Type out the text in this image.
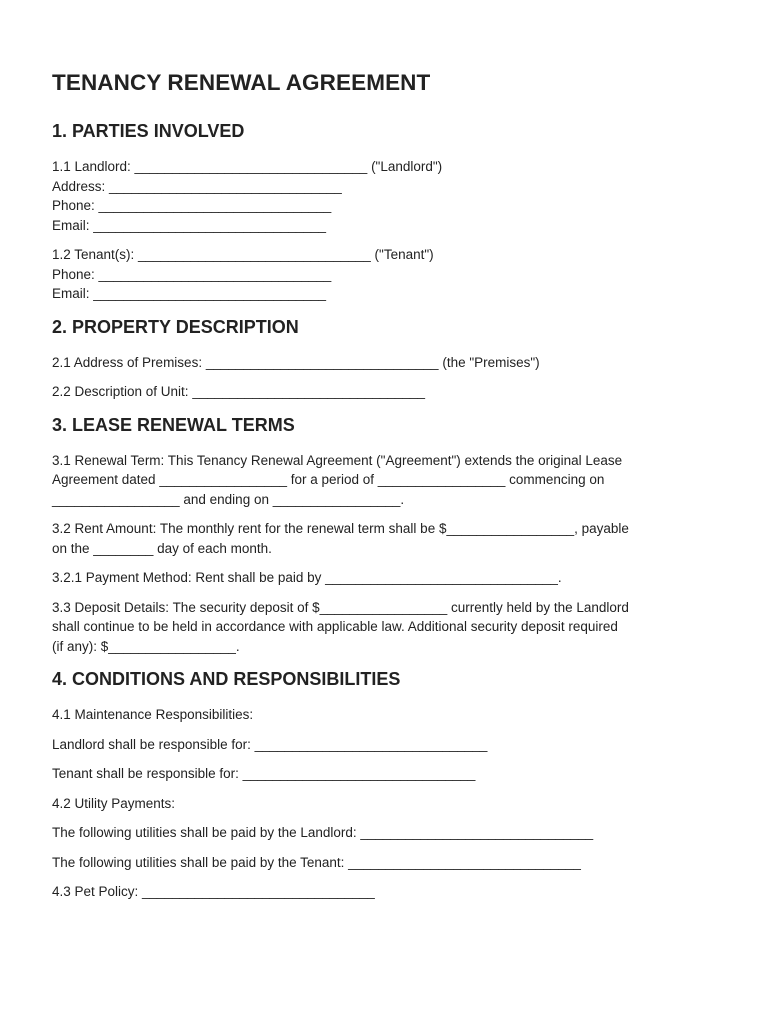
TENANCY RENEWAL AGREEMENT
1. PARTIES INVOLVED
1.1 Landlord: _______________________________ ("Landlord")
Address: _______________________________
Phone: _______________________________
Email: _______________________________
1.2 Tenant(s): _______________________________ ("Tenant")
Phone: _______________________________
Email: _______________________________
2. PROPERTY DESCRIPTION
2.1 Address of Premises: _______________________________ (the "Premises")
2.2 Description of Unit: _______________________________
3. LEASE RENEWAL TERMS
3.1 Renewal Term: This Tenancy Renewal Agreement ("Agreement") extends the original Lease
Agreement dated _________________ for a period of _________________ commencing on
_________________ and ending on _________________.
3.2 Rent Amount: The monthly rent for the renewal term shall be $_________________, payable
on the ________ day of each month.
3.2.1 Payment Method: Rent shall be paid by _______________________________.
3.3 Deposit Details: The security deposit of $_________________ currently held by the Landlord
shall continue to be held in accordance with applicable law. Additional security deposit required
(if any): $_________________.
4. CONDITIONS AND RESPONSIBILITIES
4.1 Maintenance Responsibilities:
Landlord shall be responsible for: _______________________________
Tenant shall be responsible for: _______________________________
4.2 Utility Payments:
The following utilities shall be paid by the Landlord: _______________________________
The following utilities shall be paid by the Tenant: _______________________________
4.3 Pet Policy: _______________________________
